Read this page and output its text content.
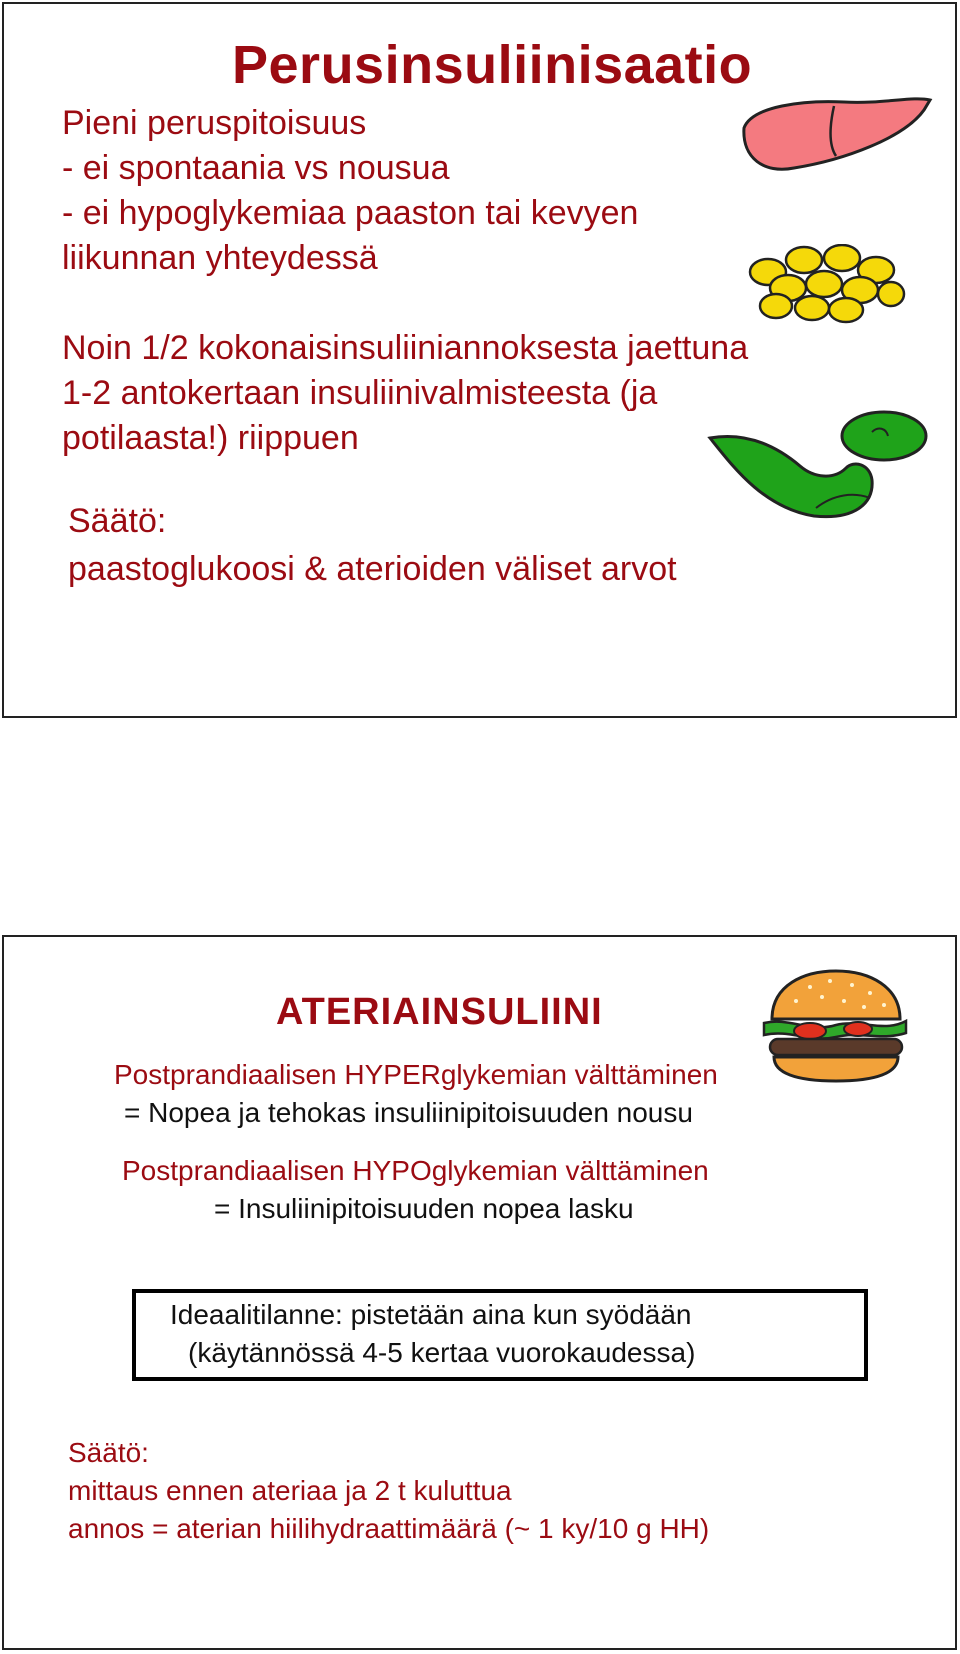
Perusinsuliinisaatio

Pieni peruspitoisuus

- ei spontaania vs nousua

- ei hypoglykemiaa paaston tai kevyen

liikunnan yhteydessä

Noin 1/2 kokonaisinsuliiniannoksesta jaettuna

1-2 antokertaan insuliinivalmisteesta (ja

potilaasta!) riippuen

Säätö:

paastoglukoosi & aterioiden väliset arvot

ATERIAINSULIINI

Postprandiaalisen HYPERglykemian välttäminen

= Nopea ja tehokas insuliinipitoisuuden nousu

Postprandiaalisen HYPOglykemian välttäminen

= Insuliinipitoisuuden nopea lasku

Ideaalitilanne: pistetään aina kun syödään

(käytännössä 4-5 kertaa vuorokaudessa)

Säätö:

mittaus ennen ateriaa ja 2 t kuluttua

annos = aterian hiilihydraattimäärä (~ 1 ky/10 g HH)
